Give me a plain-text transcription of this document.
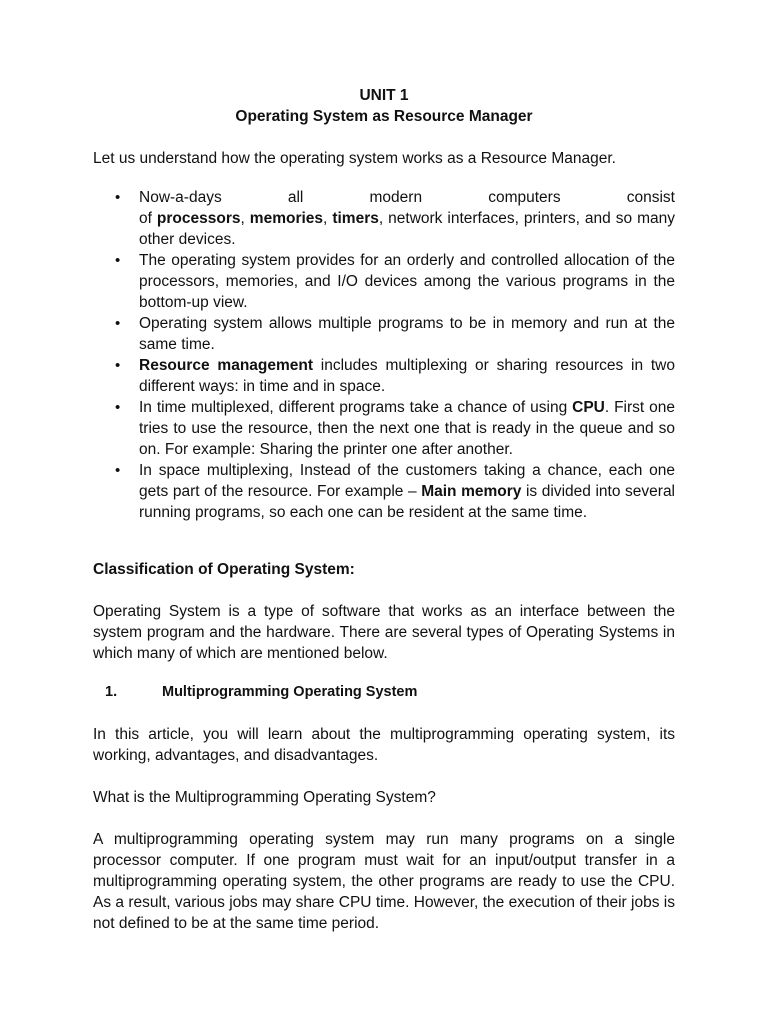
UNIT 1

Operating System as Resource Manager

Let us understand how the operating system works as a Resource Manager.

• Now-a-days all modern computers consist
of processors, memories, timers, network interfaces, printers, and so many other devices.
• The operating system provides for an orderly and controlled allocation of the processors, memories, and I/O devices among the various programs in the bottom-up view.
• Operating system allows multiple programs to be in memory and run at the same time.
• Resource management includes multiplexing or sharing resources in two different ways: in time and in space.
• In time multiplexed, different programs take a chance of using CPU. First one tries to use the resource, then the next one that is ready in the queue and so on. For example: Sharing the printer one after another.
• In space multiplexing, Instead of the customers taking a chance, each one gets part of the resource. For example – Main memory is divided into several running programs, so each one can be resident at the same time.

Classification of Operating System:

Operating System is a type of software that works as an interface between the system program and the hardware. There are several types of Operating Systems in which many of which are mentioned below.

1.	Multiprogramming Operating System

In this article, you will learn about the multiprogramming operating system, its working, advantages, and disadvantages.

What is the Multiprogramming Operating System?

A multiprogramming operating system may run many programs on a single processor computer. If one program must wait for an input/output transfer in a multiprogramming operating system, the other programs are ready to use the CPU. As a result, various jobs may share CPU time. However, the execution of their jobs is not defined to be at the same time period.
